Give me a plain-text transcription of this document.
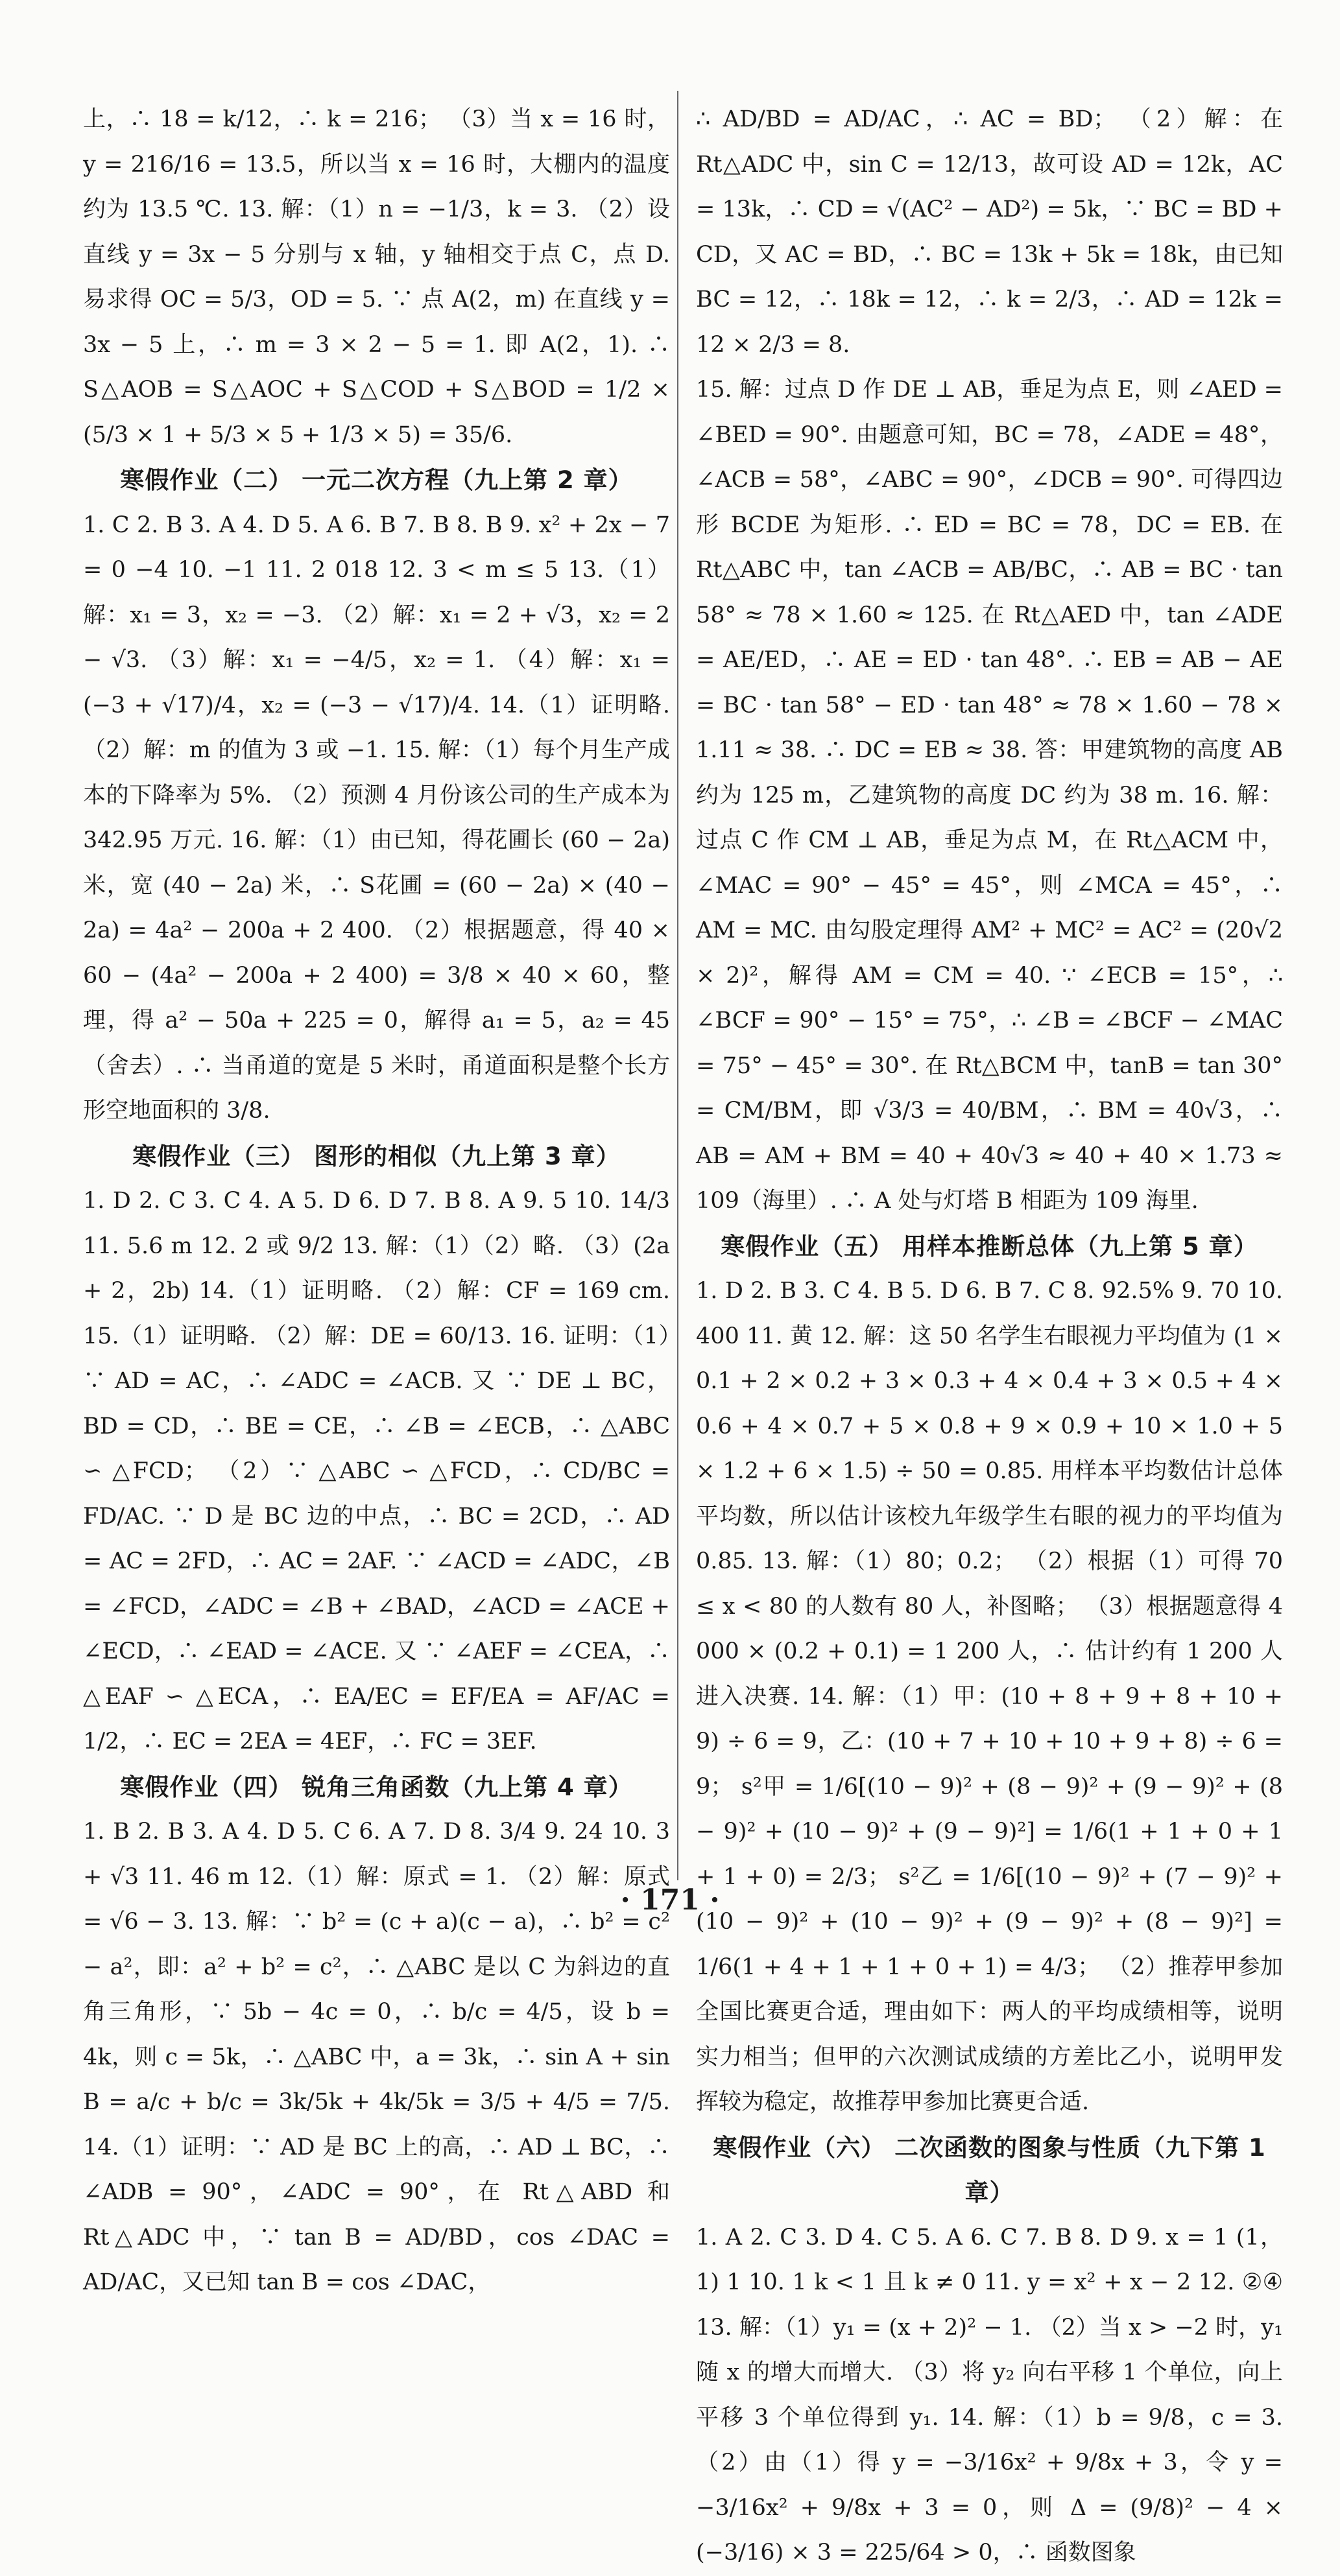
上，∴ 18 = k/12，∴ k = 216； （3）当 x = 16 时，y = 216/16 = 13.5，所以当 x = 16 时，大棚内的温度约为 13.5 ℃. 13. 解：（1）n = −1/3，k = 3. （2）设直线 y = 3x − 5 分别与 x 轴，y 轴相交于点 C，点 D. 易求得 OC = 5/3，OD = 5. ∵ 点 A(2，m) 在直线 y = 3x − 5 上，∴ m = 3 × 2 − 5 = 1. 即 A(2，1). ∴ S△AOB = S△AOC + S△COD + S△BOD = 1/2 × (5/3 × 1 + 5/3 × 5 + 1/3 × 5) = 35/6.

寒假作业（二） 一元二次方程（九上第 2 章）

1. C 2. B 3. A 4. D 5. A 6. B 7. B 8. B 9. x² + 2x − 7 = 0 −4 10. −1 11. 2 018 12. 3 < m ≤ 5 13.（1）解：x₁ = 3，x₂ = −3. （2）解：x₁ = 2 + √3，x₂ = 2 − √3. （3）解：x₁ = −4/5，x₂ = 1. （4）解：x₁ = (−3 + √17)/4，x₂ = (−3 − √17)/4. 14.（1）证明略. （2）解：m 的值为 3 或 −1. 15. 解：（1）每个月生产成本的下降率为 5%. （2）预测 4 月份该公司的生产成本为 342.95 万元. 16. 解：（1）由已知，得花圃长 (60 − 2a) 米，宽 (40 − 2a) 米，∴ S花圃 = (60 − 2a) × (40 − 2a) = 4a² − 200a + 2 400. （2）根据题意，得 40 × 60 − (4a² − 200a + 2 400) = 3/8 × 40 × 60，整理，得 a² − 50a + 225 = 0，解得 a₁ = 5，a₂ = 45（舍去）. ∴ 当甬道的宽是 5 米时，甬道面积是整个长方形空地面积的 3/8.

寒假作业（三） 图形的相似（九上第 3 章）

1. D 2. C 3. C 4. A 5. D 6. D 7. B 8. A 9. 5 10. 14/3 11. 5.6 m 12. 2 或 9/2 13. 解：（1）（2）略. （3）(2a + 2，2b) 14.（1）证明略. （2）解：CF = 169 cm. 15.（1）证明略. （2）解：DE = 60/13. 16. 证明：（1）∵ AD = AC，∴ ∠ADC = ∠ACB. 又 ∵ DE ⊥ BC，BD = CD，∴ BE = CE，∴ ∠B = ∠ECB，∴ △ABC ∽ △FCD； （2）∵ △ABC ∽ △FCD，∴ CD/BC = FD/AC. ∵ D 是 BC 边的中点，∴ BC = 2CD，∴ AD = AC = 2FD，∴ AC = 2AF. ∵ ∠ACD = ∠ADC，∠B = ∠FCD，∠ADC = ∠B + ∠BAD，∠ACD = ∠ACE + ∠ECD，∴ ∠EAD = ∠ACE. 又 ∵ ∠AEF = ∠CEA，∴ △EAF ∽ △ECA，∴ EA/EC = EF/EA = AF/AC = 1/2，∴ EC = 2EA = 4EF，∴ FC = 3EF.

寒假作业（四） 锐角三角函数（九上第 4 章）

1. B 2. B 3. A 4. D 5. C 6. A 7. D 8. 3/4 9. 24 10. 3 + √3 11. 46 m 12.（1）解：原式 = 1. （2）解：原式 = √6 − 3. 13. 解：∵ b² = (c + a)(c − a)，∴ b² = c² − a²，即：a² + b² = c²，∴ △ABC 是以 C 为斜边的直角三角形，∵ 5b − 4c = 0，∴ b/c = 4/5，设 b = 4k，则 c = 5k，∴ △ABC 中，a = 3k，∴ sin A + sin B = a/c + b/c = 3k/5k + 4k/5k = 3/5 + 4/5 = 7/5. 14.（1）证明：∵ AD 是 BC 上的高，∴ AD ⊥ BC，∴ ∠ADB = 90°，∠ADC = 90°，在 Rt△ABD 和 Rt△ADC 中，∵ tan B = AD/BD，cos ∠DAC = AD/AC，又已知 tan B = cos ∠DAC，

∴ AD/BD = AD/AC，∴ AC = BD； （2）解：在 Rt△ADC 中，sin C = 12/13，故可设 AD = 12k，AC = 13k，∴ CD = √(AC² − AD²) = 5k，∵ BC = BD + CD，又 AC = BD，∴ BC = 13k + 5k = 18k，由已知 BC = 12，∴ 18k = 12，∴ k = 2/3，∴ AD = 12k = 12 × 2/3 = 8.

15. 解：过点 D 作 DE ⊥ AB，垂足为点 E，则 ∠AED = ∠BED = 90°. 由题意可知，BC = 78，∠ADE = 48°，∠ACB = 58°，∠ABC = 90°，∠DCB = 90°. 可得四边形 BCDE 为矩形. ∴ ED = BC = 78，DC = EB. 在 Rt△ABC 中，tan ∠ACB = AB/BC，∴ AB = BC · tan 58° ≈ 78 × 1.60 ≈ 125. 在 Rt△AED 中，tan ∠ADE = AE/ED，∴ AE = ED · tan 48°. ∴ EB = AB − AE = BC · tan 58° − ED · tan 48° ≈ 78 × 1.60 − 78 × 1.11 ≈ 38. ∴ DC = EB ≈ 38. 答：甲建筑物的高度 AB 约为 125 m，乙建筑物的高度 DC 约为 38 m. 16. 解：过点 C 作 CM ⊥ AB，垂足为点 M，在 Rt△ACM 中，∠MAC = 90° − 45° = 45°，则 ∠MCA = 45°，∴ AM = MC. 由勾股定理得 AM² + MC² = AC² = (20√2 × 2)²，解得 AM = CM = 40. ∵ ∠ECB = 15°，∴ ∠BCF = 90° − 15° = 75°，∴ ∠B = ∠BCF − ∠MAC = 75° − 45° = 30°. 在 Rt△BCM 中，tanB = tan 30° = CM/BM，即 √3/3 = 40/BM，∴ BM = 40√3，∴ AB = AM + BM = 40 + 40√3 ≈ 40 + 40 × 1.73 ≈ 109（海里）. ∴ A 处与灯塔 B 相距为 109 海里.

寒假作业（五） 用样本推断总体（九上第 5 章）

1. D 2. B 3. C 4. B 5. D 6. B 7. C 8. 92.5% 9. 70 10. 400 11. 黄 12. 解：这 50 名学生右眼视力平均值为 (1 × 0.1 + 2 × 0.2 + 3 × 0.3 + 4 × 0.4 + 3 × 0.5 + 4 × 0.6 + 4 × 0.7 + 5 × 0.8 + 9 × 0.9 + 10 × 1.0 + 5 × 1.2 + 6 × 1.5) ÷ 50 = 0.85. 用样本平均数估计总体平均数，所以估计该校九年级学生右眼的视力的平均值为 0.85. 13. 解：（1）80；0.2； （2）根据（1）可得 70 ≤ x < 80 的人数有 80 人，补图略； （3）根据题意得 4 000 × (0.2 + 0.1) = 1 200 人，∴ 估计约有 1 200 人进入决赛. 14. 解：（1）甲：(10 + 8 + 9 + 8 + 10 + 9) ÷ 6 = 9，乙：(10 + 7 + 10 + 10 + 9 + 8) ÷ 6 = 9； s²甲 = 1/6[(10 − 9)² + (8 − 9)² + (9 − 9)² + (8 − 9)² + (10 − 9)² + (9 − 9)²] = 1/6(1 + 1 + 0 + 1 + 1 + 0) = 2/3； s²乙 = 1/6[(10 − 9)² + (7 − 9)² + (10 − 9)² + (10 − 9)² + (9 − 9)² + (8 − 9)²] = 1/6(1 + 4 + 1 + 1 + 0 + 1) = 4/3； （2）推荐甲参加全国比赛更合适，理由如下：两人的平均成绩相等，说明实力相当；但甲的六次测试成绩的方差比乙小，说明甲发挥较为稳定，故推荐甲参加比赛更合适.

寒假作业（六） 二次函数的图象与性质（九下第 1 章）

1. A 2. C 3. D 4. C 5. A 6. C 7. B 8. D 9. x = 1 (1，1) 1 10. 1 k < 1 且 k ≠ 0 11. y = x² + x − 2 12. ②④ 13. 解：（1）y₁ = (x + 2)² − 1. （2）当 x > −2 时，y₁ 随 x 的增大而增大. （3）将 y₂ 向右平移 1 个单位，向上平移 3 个单位得到 y₁. 14. 解：（1）b = 9/8，c = 3. （2）由（1）得 y = −3/16x² + 9/8x + 3，令 y = −3/16x² + 9/8x + 3 = 0，则 Δ = (9/8)² − 4 × (−3/16) × 3 = 225/64 > 0，∴ 函数图象

· 171 ·
